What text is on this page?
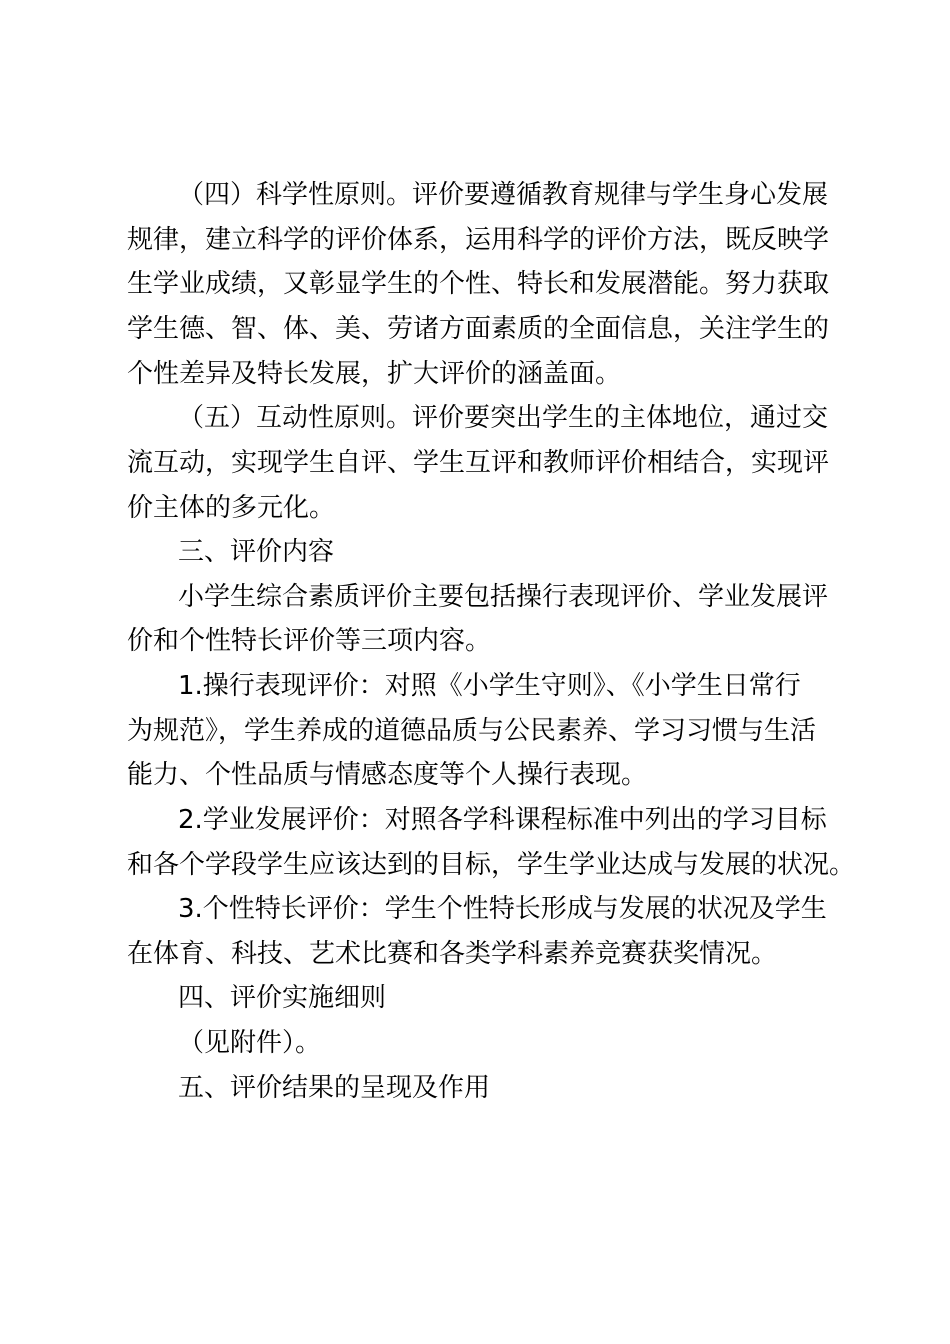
（四）科学性原则。评价要遵循教育规律与学生身心发展
规律，建立科学的评价体系，运用科学的评价方法，既反映学
生学业成绩，又彰显学生的个性、特长和发展潜能。努力获取
学生德、智、体、美、劳诸方面素质的全面信息，关注学生的
个性差异及特长发展，扩大评价的涵盖面。
（五）互动性原则。评价要突出学生的主体地位，通过交
流互动，实现学生自评、学生互评和教师评价相结合，实现评
价主体的多元化。
三、评价内容
小学生综合素质评价主要包括操行表现评价、学业发展评
价和个性特长评价等三项内容。
1.操行表现评价：对照《小学生守则》、《小学生日常行
为规范》，学生养成的道德品质与公民素养、学习习惯与生活
能力、个性品质与情感态度等个人操行表现。
2.学业发展评价：对照各学科课程标准中列出的学习目标
和各个学段学生应该达到的目标，学生学业达成与发展的状况。
3.个性特长评价：学生个性特长形成与发展的状况及学生
在体育、科技、艺术比赛和各类学科素养竞赛获奖情况。
四、评价实施细则
（见附件）。
五、评价结果的呈现及作用
